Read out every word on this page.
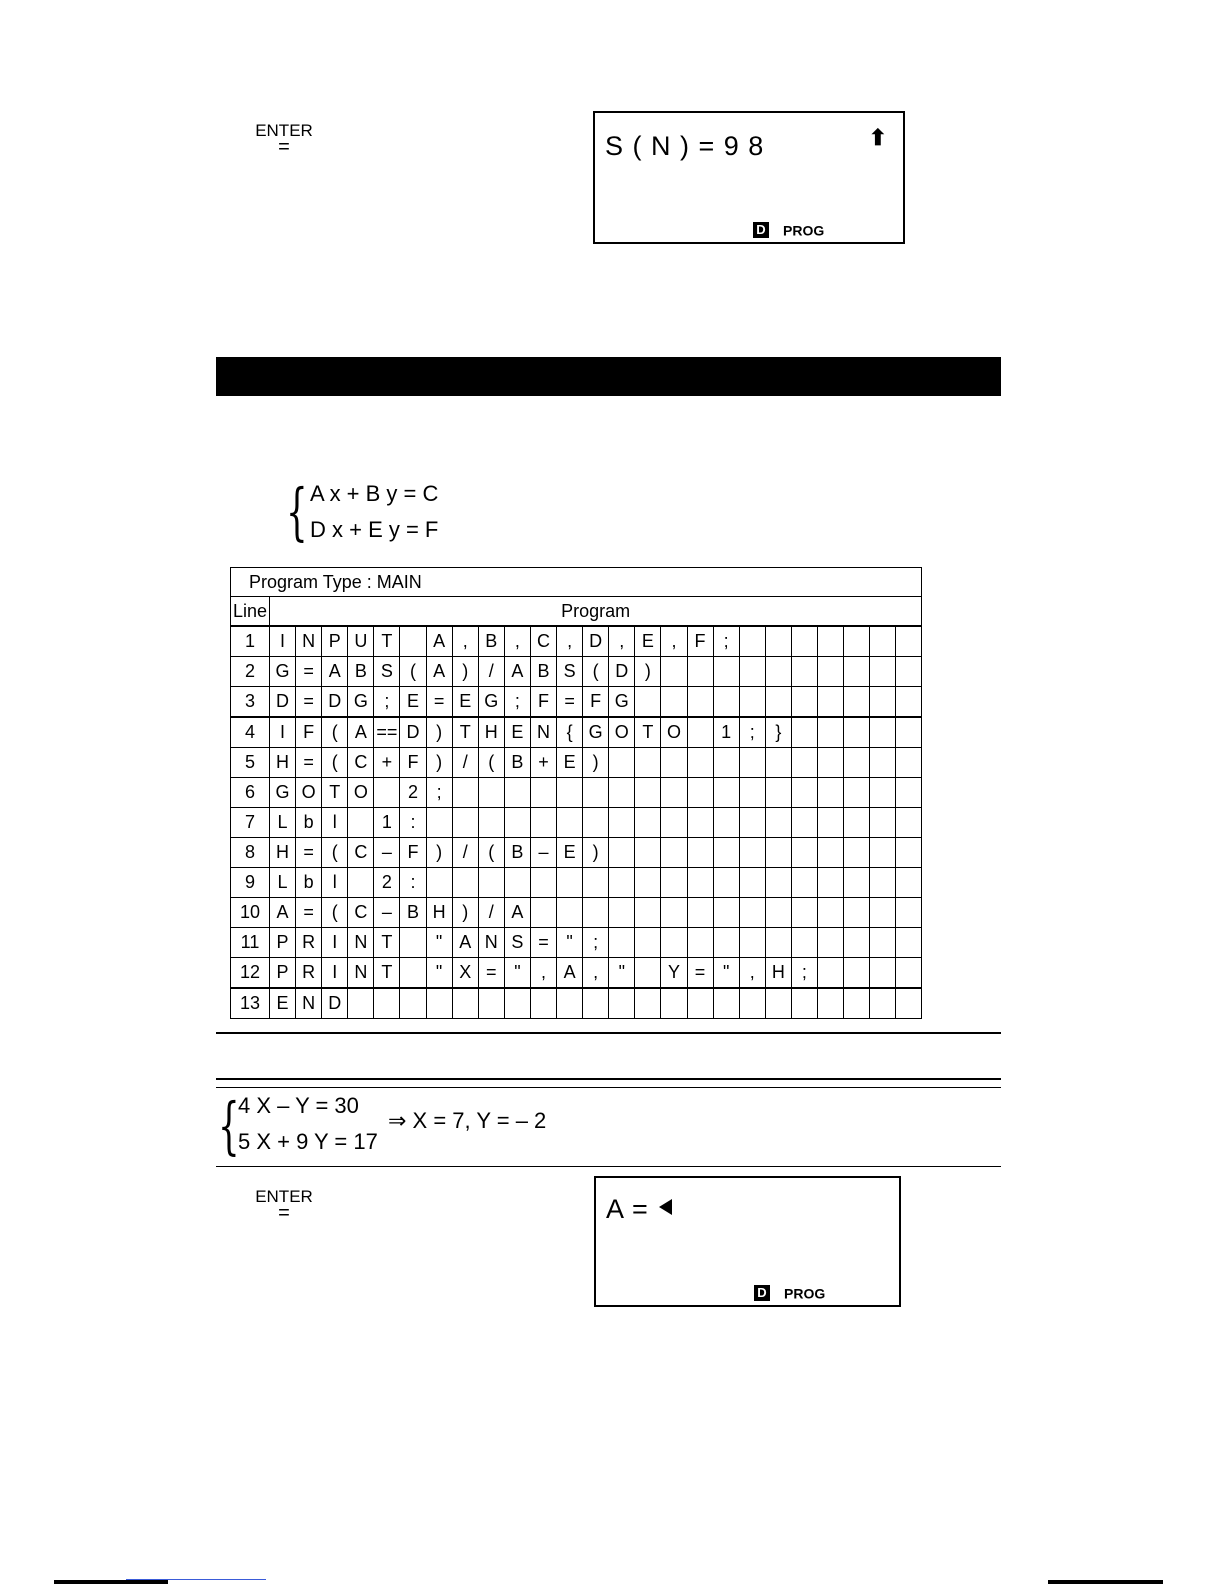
ENTER
=	S ( N ) = 9 8	⬆
D PROG
{ A x + B y = C
D x + E y = F
Program Type : MAIN																									
Line	Program																								
1	I	N	P	U	T		A	,	B	,	C	,	D	,	E	,	F	;							
2	G	=	A	B	S	(	A	)	/	A	B	S	(	D	)										
3	D	=	D	G	;	E	=	E	G	;	F	=	F	G											
4	I	F	(	A	==	D	)	T	H	E	N	{	G	O	T	O		1	;	}					
5	H	=	(	C	+	F	)	/	(	B	+	E	)												
6	G	O	T	O		2	;																		
7	L	b	l		1	:																			
8	H	=	(	C	–	F	)	/	(	B	–	E	)												
9	L	b	l		2	:																			
10	A	=	(	C	–	B	H	)	/	A															
11	P	R	I	N	T		"	A	N	S	=	"	;												
12	P	R	I	N	T		"	X	=	"	,	A	,	"		Y	=	"	,	H	;				
13	E	N	D																						
{
4 X – Y = 30
5 X + 9 Y = 17
⇒ X = 7, Y = – 2
ENTER
=	A =
D PROG
